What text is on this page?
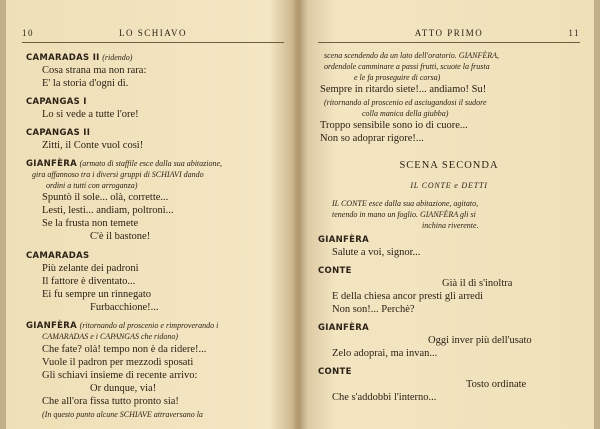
LO SCHIAVO
10
CAMARADAS II (ridendo)
Cosa strana ma non rara:
E' la storia d'ogni dì.
CAPANGAS I
Lo si vede a tutte l'ore!
CAPANGAS II
Zitti, il Conte vuol così!
GIANFÈRA (armato di staffile esce dalla sua abitazione,
gira affannoso tra i diversi gruppi di SCHIAVI dando
ordini a tutti con arroganza)
Spuntò il sole... olà, corrette...
Lesti, lesti... andiam, poltroni...
Se la frusta non temete
C'è il bastone!
CAMARADAS
Più zelante dei padroni
Il fattore è diventato...
Ei fu sempre un rinnegato
Furbacchione!...
GIANFÈRA (ritornando al proscenio e rimproverando i
CAMARADAS e i CAPANGAS che ridono)
Che fate? olà! tempo non è da ridere!...
Vuole il padron per mezzodì sposati
Gli schiavi insieme di recente arrivo:
Or dunque, via!
Che all'ora fissa tutto pronto sia!
(In questo punto alcune SCHIAVE attraversano la
ATTO PRIMO	11
scena scendendo da un lato dell'oratorio. GIANFÈRA,
ordendole camminare a passi frutti, scuote la frusta
e le fa proseguire di corsa)
Sempre in ritardo siete!... andiamo! Su!
(ritornando al proscenio ed asciugandosi il sudore
colla manica della giubba)
Troppo sensibile sono io di cuore...
Non so adoprar rigore!...
SCENA SECONDA
IL CONTE e DETTI
IL CONTE esce dalla sua abitazione, agitato,
tenendo in mano un foglio. GIANFÈRA gli si
inchina riverente.
GIANFÈRA
Salute a voi, signor...
CONTE
Già il dì s'inoltra
E della chiesa ancor presti gli arredi
Non son!... Perchè?
GIANFÈRA
Oggi inver più dell'usato
Zelo adoprai, ma invan...
CONTE
Tosto ordinate
Che s'addobbi l'interno...
